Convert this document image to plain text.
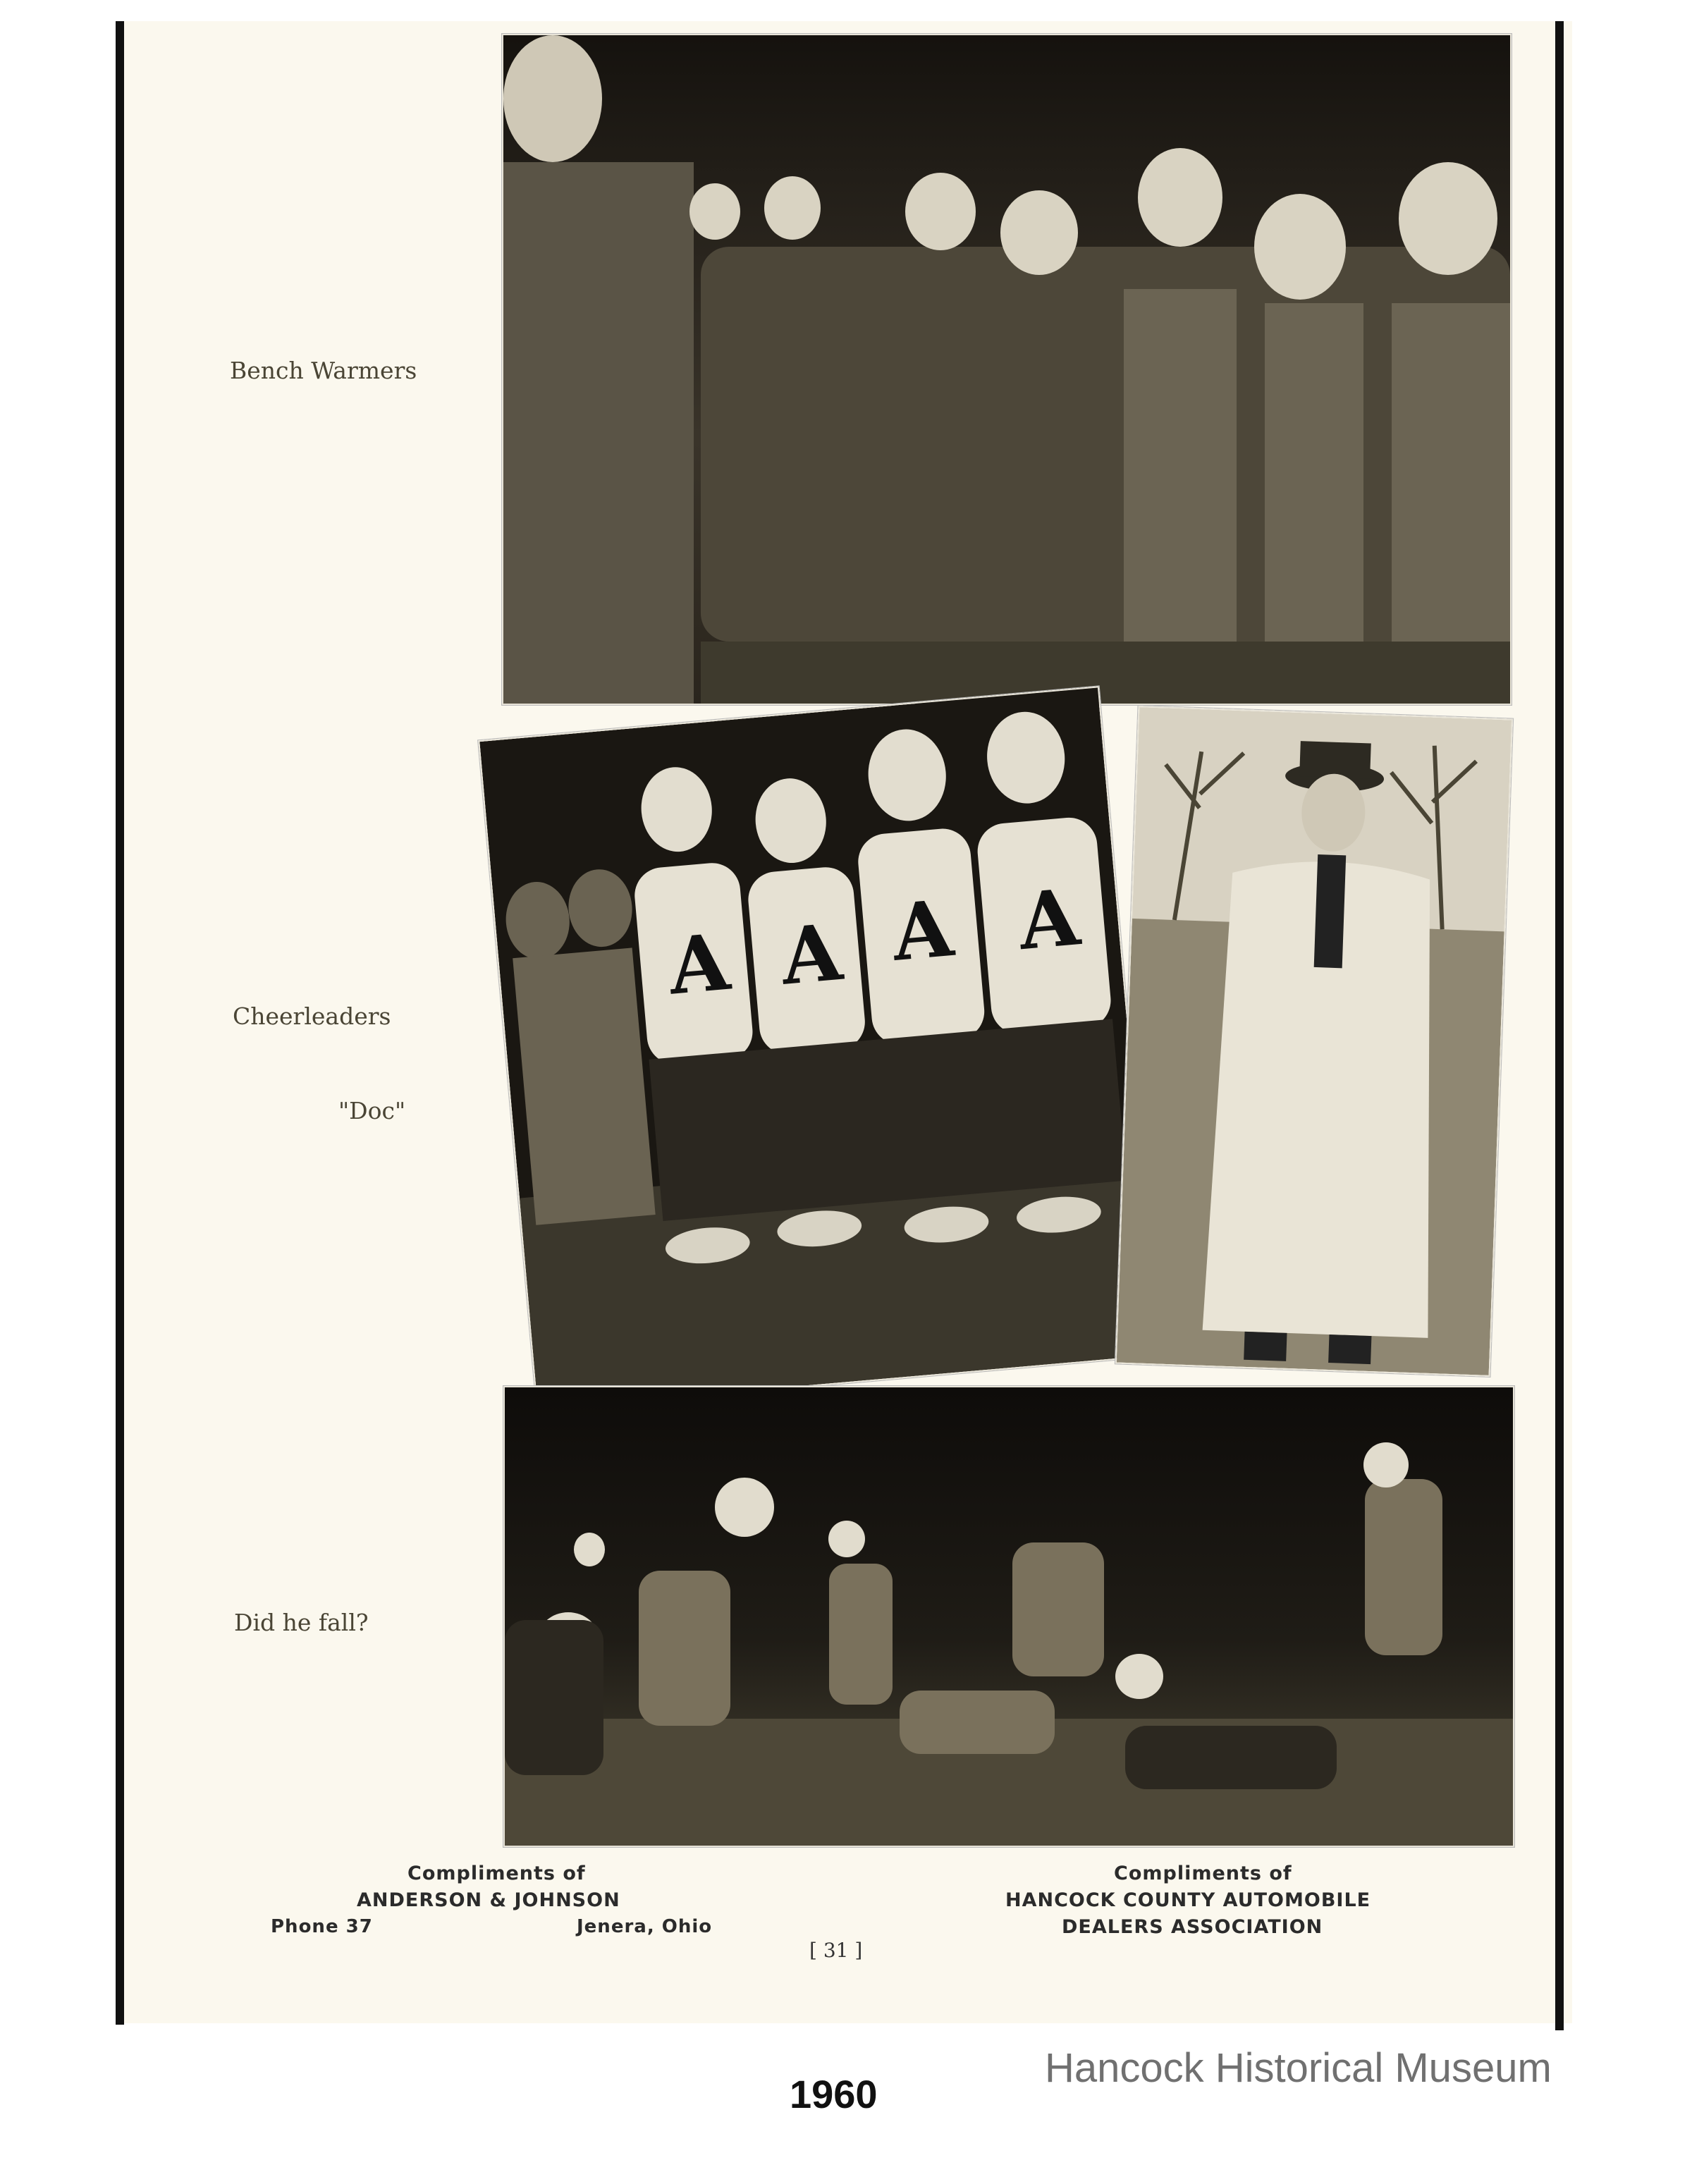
Bench Warmers
Cheerleaders
"Doc"
Did he fall?
A A A A
Compliments of
ANDERSON & JOHNSON
Phone 37	Jenera, Ohio
Compliments of
HANCOCK COUNTY AUTOMOBILE
DEALERS ASSOCIATION
[ 31 ]
1960
Hancock Historical Museum
